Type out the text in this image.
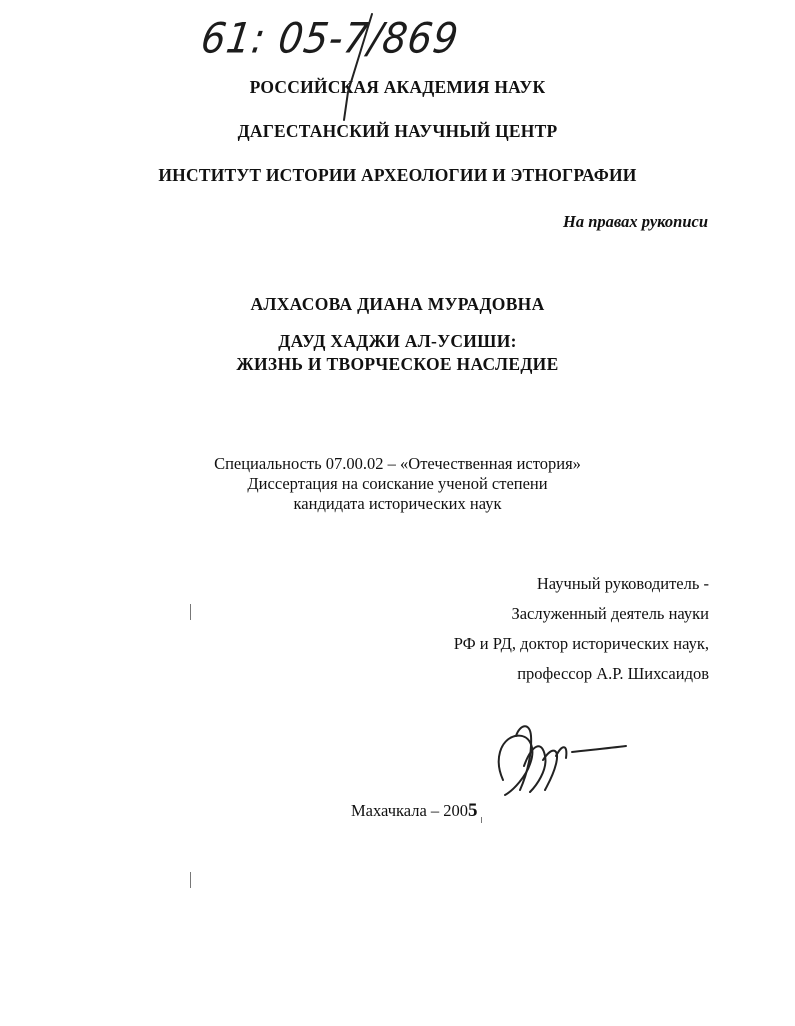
61: 05-7/869

РОССИЙСКАЯ АКАДЕМИЯ НАУК

ДАГЕСТАНСКИЙ НАУЧНЫЙ ЦЕНТР

ИНСТИТУТ ИСТОРИИ АРХЕОЛОГИИ И ЭТНОГРАФИИ

На правах рукописи

АЛХАСОВА ДИАНА МУРАДОВНА

ДАУД ХАДЖИ АЛ-УСИШИ:

ЖИЗНЬ И ТВОРЧЕСКОЕ НАСЛЕДИЕ

Специальность 07.00.02 – «Отечественная история»

Диссертация на соискание ученой степени

кандидата исторических наук

Научный руководитель -

Заслуженный деятель науки

РФ и РД, доктор исторических наук,

профессор А.Р. Шихсаидов

Махачкала – 2005
